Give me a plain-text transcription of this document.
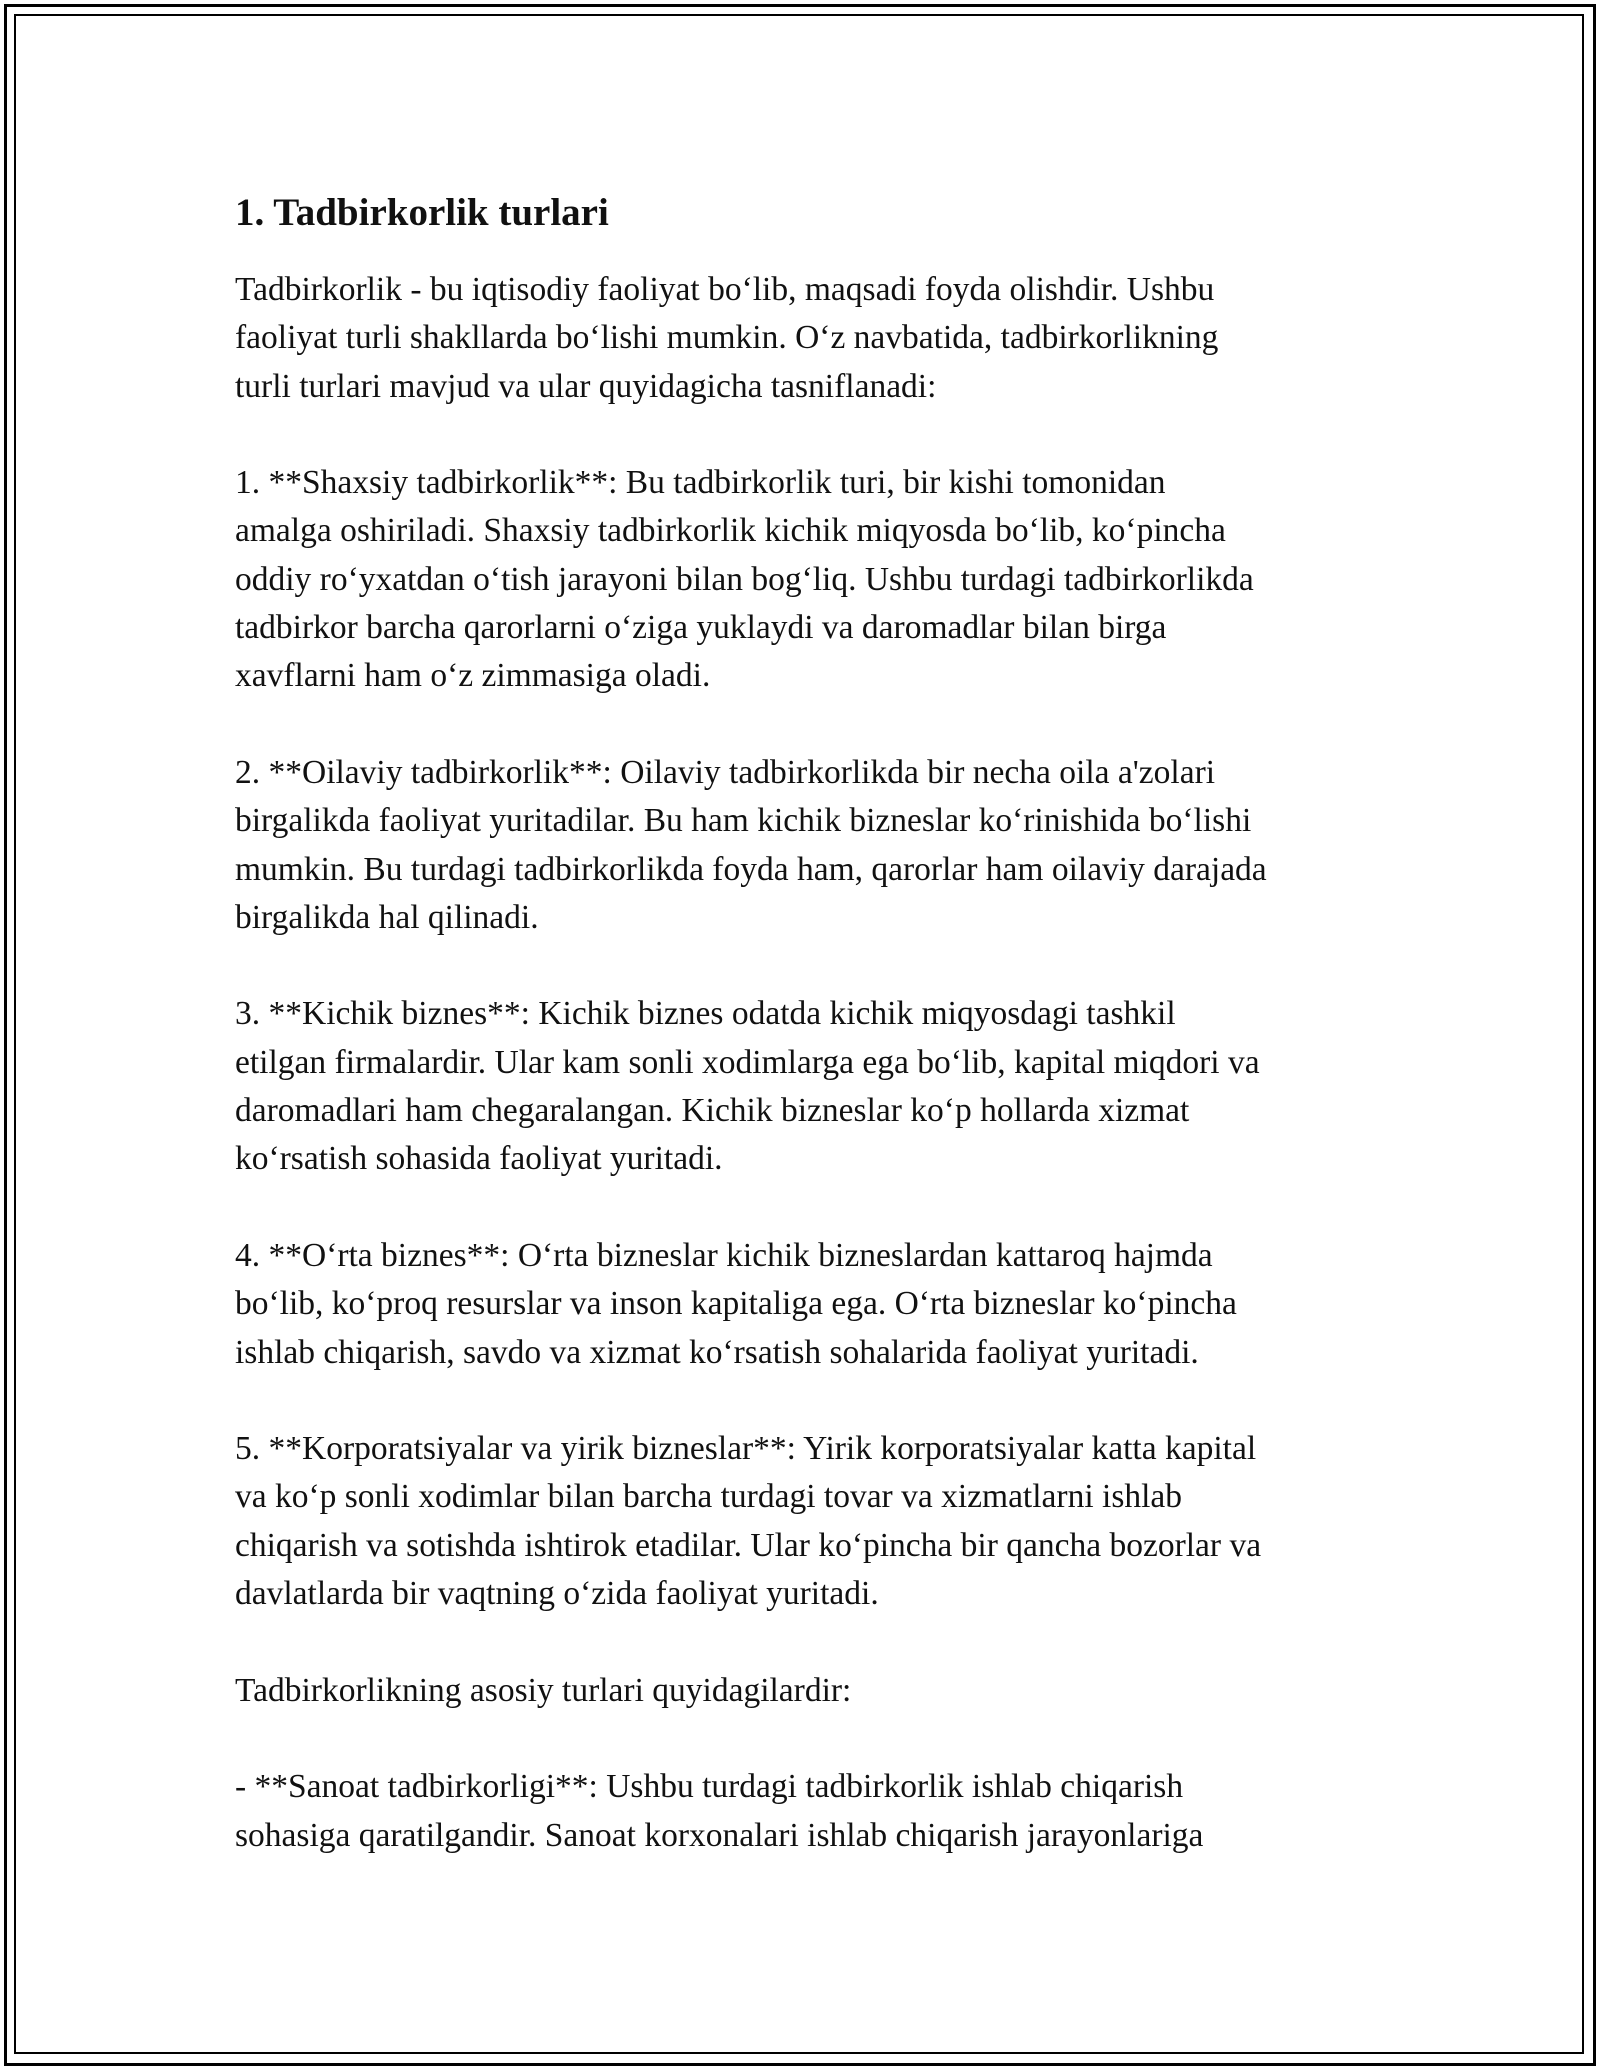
1. Tadbirkorlik turlari

Tadbirkorlik - bu iqtisodiy faoliyat bo‘lib, maqsadi foyda olishdir. Ushbu
faoliyat turli shakllarda bo‘lishi mumkin. O‘z navbatida, tadbirkorlikning
turli turlari mavjud va ular quyidagicha tasniflanadi:

1. **Shaxsiy tadbirkorlik**: Bu tadbirkorlik turi, bir kishi tomonidan
amalga oshiriladi. Shaxsiy tadbirkorlik kichik miqyosda bo‘lib, ko‘pincha
oddiy ro‘yxatdan o‘tish jarayoni bilan bog‘liq. Ushbu turdagi tadbirkorlikda
tadbirkor barcha qarorlarni o‘ziga yuklaydi va daromadlar bilan birga
xavflarni ham o‘z zimmasiga oladi.

2. **Oilaviy tadbirkorlik**: Oilaviy tadbirkorlikda bir necha oila a'zolari
birgalikda faoliyat yuritadilar. Bu ham kichik bizneslar ko‘rinishida bo‘lishi
mumkin. Bu turdagi tadbirkorlikda foyda ham, qarorlar ham oilaviy darajada
birgalikda hal qilinadi.

3. **Kichik biznes**: Kichik biznes odatda kichik miqyosdagi tashkil
etilgan firmalardir. Ular kam sonli xodimlarga ega bo‘lib, kapital miqdori va
daromadlari ham chegaralangan. Kichik bizneslar ko‘p hollarda xizmat
ko‘rsatish sohasida faoliyat yuritadi.

4. **O‘rta biznes**: O‘rta bizneslar kichik bizneslardan kattaroq hajmda
bo‘lib, ko‘proq resurslar va inson kapitaliga ega. O‘rta bizneslar ko‘pincha
ishlab chiqarish, savdo va xizmat ko‘rsatish sohalarida faoliyat yuritadi.

5. **Korporatsiyalar va yirik bizneslar**: Yirik korporatsiyalar katta kapital
va ko‘p sonli xodimlar bilan barcha turdagi tovar va xizmatlarni ishlab
chiqarish va sotishda ishtirok etadilar. Ular ko‘pincha bir qancha bozorlar va
davlatlarda bir vaqtning o‘zida faoliyat yuritadi.

Tadbirkorlikning asosiy turlari quyidagilardir:

- **Sanoat tadbirkorligi**: Ushbu turdagi tadbirkorlik ishlab chiqarish
sohasiga qaratilgandir. Sanoat korxonalari ishlab chiqarish jarayonlariga
